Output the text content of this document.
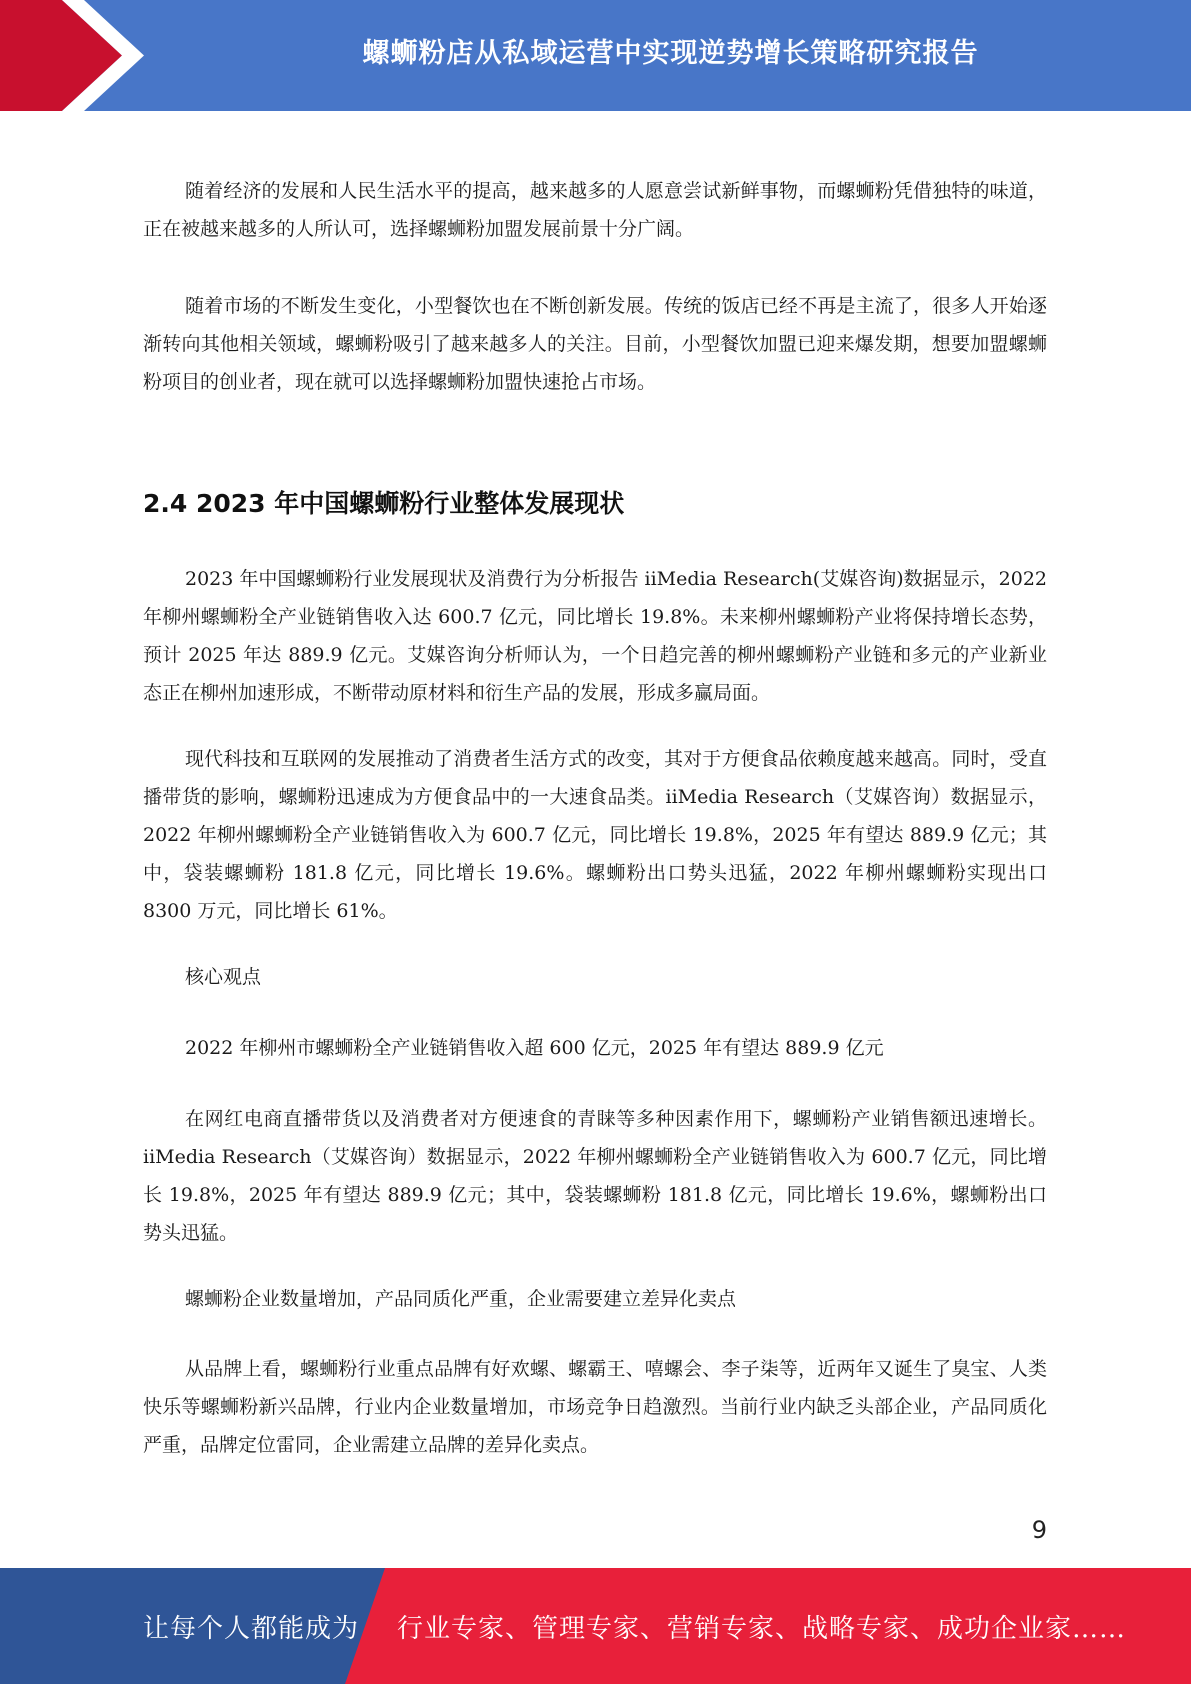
螺蛳粉店从私域运营中实现逆势增长策略研究报告

随着经济的发展和人民生活水平的提高，越来越多的人愿意尝试新鲜事物，而螺蛳粉凭借独特的味道，正在被越来越多的人所认可，选择螺蛳粉加盟发展前景十分广阔。

随着市场的不断发生变化，小型餐饮也在不断创新发展。传统的饭店已经不再是主流了，很多人开始逐渐转向其他相关领域，螺蛳粉吸引了越来越多人的关注。目前，小型餐饮加盟已迎来爆发期，想要加盟螺蛳粉项目的创业者，现在就可以选择螺蛳粉加盟快速抢占市场。

2.4 2023 年中国螺蛳粉行业整体发展现状

2023 年中国螺蛳粉行业发展现状及消费行为分析报告 iiMedia Research(艾媒咨询)数据显示，2022 年柳州螺蛳粉全产业链销售收入达 600.7 亿元，同比增长 19.8%。未来柳州螺蛳粉产业将保持增长态势，预计 2025 年达 889.9 亿元。艾媒咨询分析师认为，一个日趋完善的柳州螺蛳粉产业链和多元的产业新业态正在柳州加速形成，不断带动原材料和衍生产品的发展，形成多赢局面。

现代科技和互联网的发展推动了消费者生活方式的改变，其对于方便食品依赖度越来越高。同时，受直播带货的影响，螺蛳粉迅速成为方便食品中的一大速食品类。iiMedia Research（艾媒咨询）数据显示，2022 年柳州螺蛳粉全产业链销售收入为 600.7 亿元，同比增长 19.8%，2025 年有望达 889.9 亿元；其中，袋装螺蛳粉 181.8 亿元，同比增长 19.6%。螺蛳粉出口势头迅猛，2022 年柳州螺蛳粉实现出口 8300 万元，同比增长 61%。

核心观点

2022 年柳州市螺蛳粉全产业链销售收入超 600 亿元，2025 年有望达 889.9 亿元

在网红电商直播带货以及消费者对方便速食的青睐等多种因素作用下，螺蛳粉产业销售额迅速增长。iiMedia Research（艾媒咨询）数据显示，2022 年柳州螺蛳粉全产业链销售收入为 600.7 亿元，同比增长 19.8%，2025 年有望达 889.9 亿元；其中，袋装螺蛳粉 181.8 亿元，同比增长 19.6%，螺蛳粉出口势头迅猛。

螺蛳粉企业数量增加，产品同质化严重，企业需要建立差异化卖点

从品牌上看，螺蛳粉行业重点品牌有好欢螺、螺霸王、嘻螺会、李子柒等，近两年又诞生了臭宝、人类快乐等螺蛳粉新兴品牌，行业内企业数量增加，市场竞争日趋激烈。当前行业内缺乏头部企业，产品同质化严重，品牌定位雷同，企业需建立品牌的差异化卖点。

9
让每个人都能成为 行业专家、管理专家、营销专家、战略专家、成功企业家……
